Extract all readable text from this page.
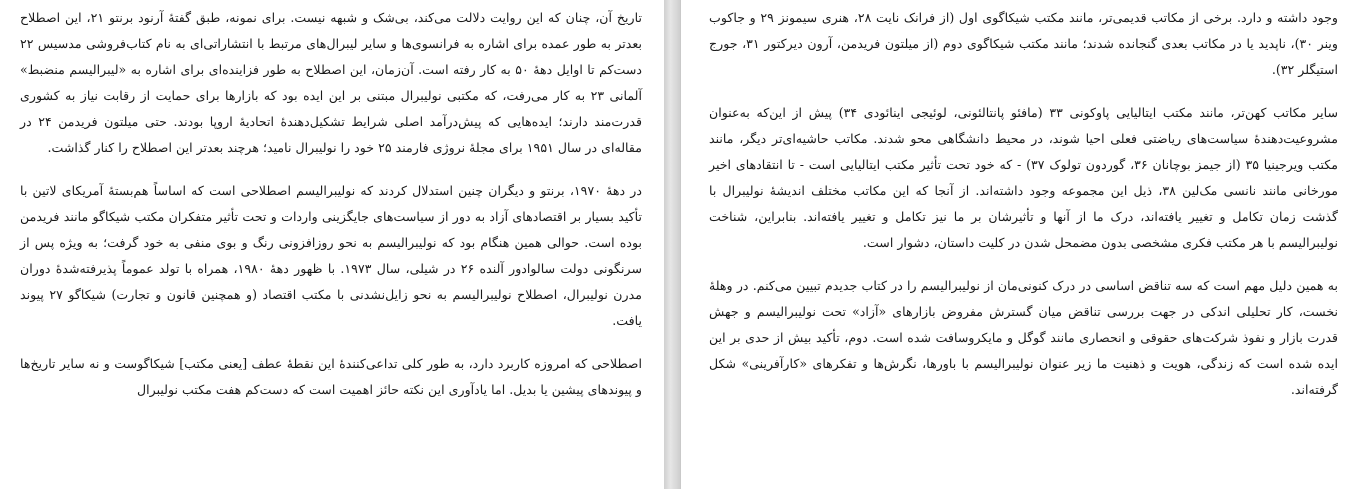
تاریخ آن، چنان که این روایت دلالت می‌کند، بی‌شک و شبهه نیست. برای نمونه، طبق گفتهٔ آرنود برنتو ۲۱، این اصطلاح بعدتر به طور عمده برای اشاره به فرانسوی‌ها و سایر لیبرال‌های مرتبط با انتشاراتی‌ای به نام کتاب‌فروشی مدسیس ۲۲ دست‌کم تا اوایل دههٔ ۵۰ به کار رفته است. آن‌زمان، این اصطلاح به طور فزاینده‌ای برای اشاره به «لیبرالیسم منضبط» آلمانی ۲۳ به کار می‌رفت، که مکتبی نولیبرال مبتنی بر این ایده بود که بازارها برای حمایت از رقابت نیاز به کشوری قدرت‌مند دارند؛ ایده‌هایی که پیش‌درآمد اصلی شرایط تشکیل‌دهندهٔ اتحادیهٔ اروپا بودند. حتی میلتون فریدمن ۲۴ در مقاله‌ای در سال ۱۹۵۱ برای مجلهٔ نروژی فارمند ۲۵ خود را نولیبرال نامید؛ هرچند بعدتر این اصطلاح را کنار گذاشت.

در دههٔ ۱۹۷۰، برنتو و دیگران چنین استدلال کردند که نولیبرالیسم اصطلاحی است که اساساً هم‌بستهٔ آمریکای لاتین با تأکید بسیار بر اقتصادهای آزاد به دور از سیاست‌های جایگزینی واردات و تحت تأثیر متفکران مکتب شیکاگو مانند فریدمن بوده است. حوالی همین هنگام بود که نولیبرالیسم به نحو روزافزونی رنگ و بوی منفی به خود گرفت؛ به ویژه پس از سرنگونی دولت سالوادور آلنده ۲۶ در شیلی، سال ۱۹۷۳. با ظهور دههٔ ۱۹۸۰، همراه با تولد عموماً پذیرفته‌شدهٔ دوران مدرن نولیبرال، اصطلاح نولیبرالیسم به نحو زایل‌نشدنی با مکتب اقتصاد (و همچنین قانون و تجارت) شیکاگو ۲۷ پیوند یافت.

اصطلاحی که امروزه کاربرد دارد، به طور کلی تداعی‌کنندهٔ این نقطهٔ عطف [یعنی مکتب] شیکاگوست و نه سایر تاریخ‌ها و پیوندهای پیشین یا بدیل. اما یادآوری این نکته حائز اهمیت است که دست‌کم هفت مکتب نولیبرال

وجود داشته و دارد. برخی از مکاتب قدیمی‌تر، مانند مکتب شیکاگوی اول (از فرانک نایت ۲۸، هنری سیمونز ۲۹ و جاکوب وینر ۳۰)، ناپدید یا در مکاتب بعدی گنجانده شدند؛ مانند مکتب شیکاگوی دوم (از میلتون فریدمن، آرون دیرکتور ۳۱، جورج استیگلر ۳۲).

سایر مکاتب کهن‌تر، مانند مکتب ایتالیایی پاوکونی ۳۳ (مافئو پانتالئونی، لوئیجی اینائودی ۳۴) پیش از این‌که به‌عنوان مشروعیت‌دهندهٔ سیاست‌های ریاضتی فعلی احیا شوند، در محیط دانشگاهی محو شدند. مکاتب حاشیه‌ای‌تر دیگر، مانند مکتب ویرجینیا ۳۵ (از جیمز بوچانان ۳۶، گوردون تولوک ۳۷) - که خود تحت تأثیر مکتب ایتالیایی است - تا انتقادهای اخیر مورخانی مانند نانسی مک‌لین ۳۸، ذیل این مجموعه وجود داشته‌اند. از آنجا که این مکاتب مختلف اندیشهٔ نولیبرال با گذشت زمان تکامل و تغییر یافته‌اند، درک ما از آنها و تأثیرشان بر ما نیز تکامل و تغییر یافته‌اند. بنابراین، شناخت نولیبرالیسم با هر مکتب فکری مشخصی بدون مضمحل شدن در کلیت داستان، دشوار است.

به همین دلیل مهم است که سه تناقض اساسی در درک کنونی‌مان از نولیبرالیسم را در کتاب جدیدم تبیین می‌کنم. در وهلهٔ نخست، کار تحلیلی اندکی در جهت بررسی تناقض میان گسترش مفروض بازارهای «آزاد» تحت نولیبرالیسم و جهش قدرت بازار و نفوذ شرکت‌های حقوقی و انحصاری مانند گوگل و مایکروسافت شده است. دوم، تأکید بیش از حدی بر این ایده شده است که زندگی، هویت و ذهنیت ما زیر عنوان نولیبرالیسم با باورها، نگرش‌ها و تفکرهای «کارآفرینی» شکل گرفته‌اند.
